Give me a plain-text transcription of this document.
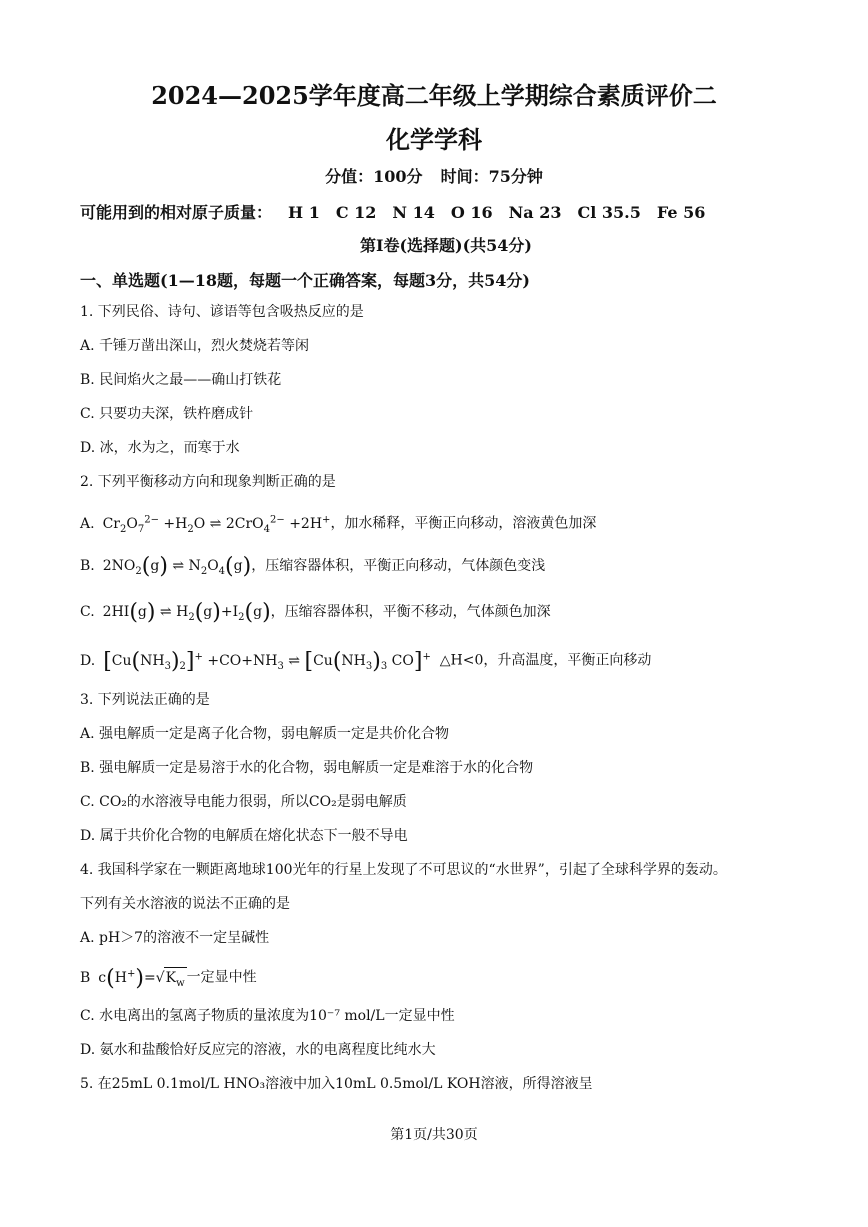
2024—2025学年度高二年级上学期综合素质评价二
化学学科
分值：100分 时间：75分钟
可能用到的相对原子质量： H 1 C 12 N 14 O 16 Na 23 Cl 35.5 Fe 56
第Ⅰ卷(选择题)(共54分)
一、单选题(1—18题，每题一个正确答案，每题3分，共54分)
1. 下列民俗、诗句、谚语等包含吸热反应的是
A. 千锤万凿出深山，烈火焚烧若等闲
B. 民间焰火之最——确山打铁花
C. 只要功夫深，铁杵磨成针
D. 冰，水为之，而寒于水
2. 下列平衡移动方向和现象判断正确的是
A. $Cr_2O_7^{2-} +H_2O$ ⇌ 2CrO$_4^{2-}$ +2H+，加水稀释，平衡正向移动，溶液黄色加深
B. $2NO_2(g)$ ⇌ $N_2O_4(g)$，压缩容器体积，平衡正向移动，气体颜色变浅
C. 2HI(g) ⇌ $H_2(g)+I_2(g)$，压缩容器体积，平衡不移动，气体颜色加深
D. $[Cu(NH_3)_2]^+ +CO+NH_3$ ⇌ [$Cu(NH_3)_3$ CO]+ △H<0，升高温度，平衡正向移动
3. 下列说法正确的是
A. 强电解质一定是离子化合物，弱电解质一定是共价化合物
B. 强电解质一定是易溶于水的化合物，弱电解质一定是难溶于水的化合物
C. CO₂的水溶液导电能力很弱，所以CO₂是弱电解质
D. 属于共价化合物的电解质在熔化状态下一般不导电
4. 我国科学家在一颗距离地球100光年的行星上发现了不可思议的“水世界”，引起了全球科学界的轰动。
下列有关水溶液的说法不正确的是
A. pH＞7的溶液不一定呈碱性
B $c(H^+)=√K_w$ 一定显中性
C. 水电离出的氢离子物质的量浓度为10⁻⁷ mol/L一定显中性
D. 氨水和盐酸恰好反应完的溶液，水的电离程度比纯水大
5. 在25mL 0.1mol/L HNO₃溶液中加入10mL 0.5mol/L KOH溶液，所得溶液呈
第1页/共30页
